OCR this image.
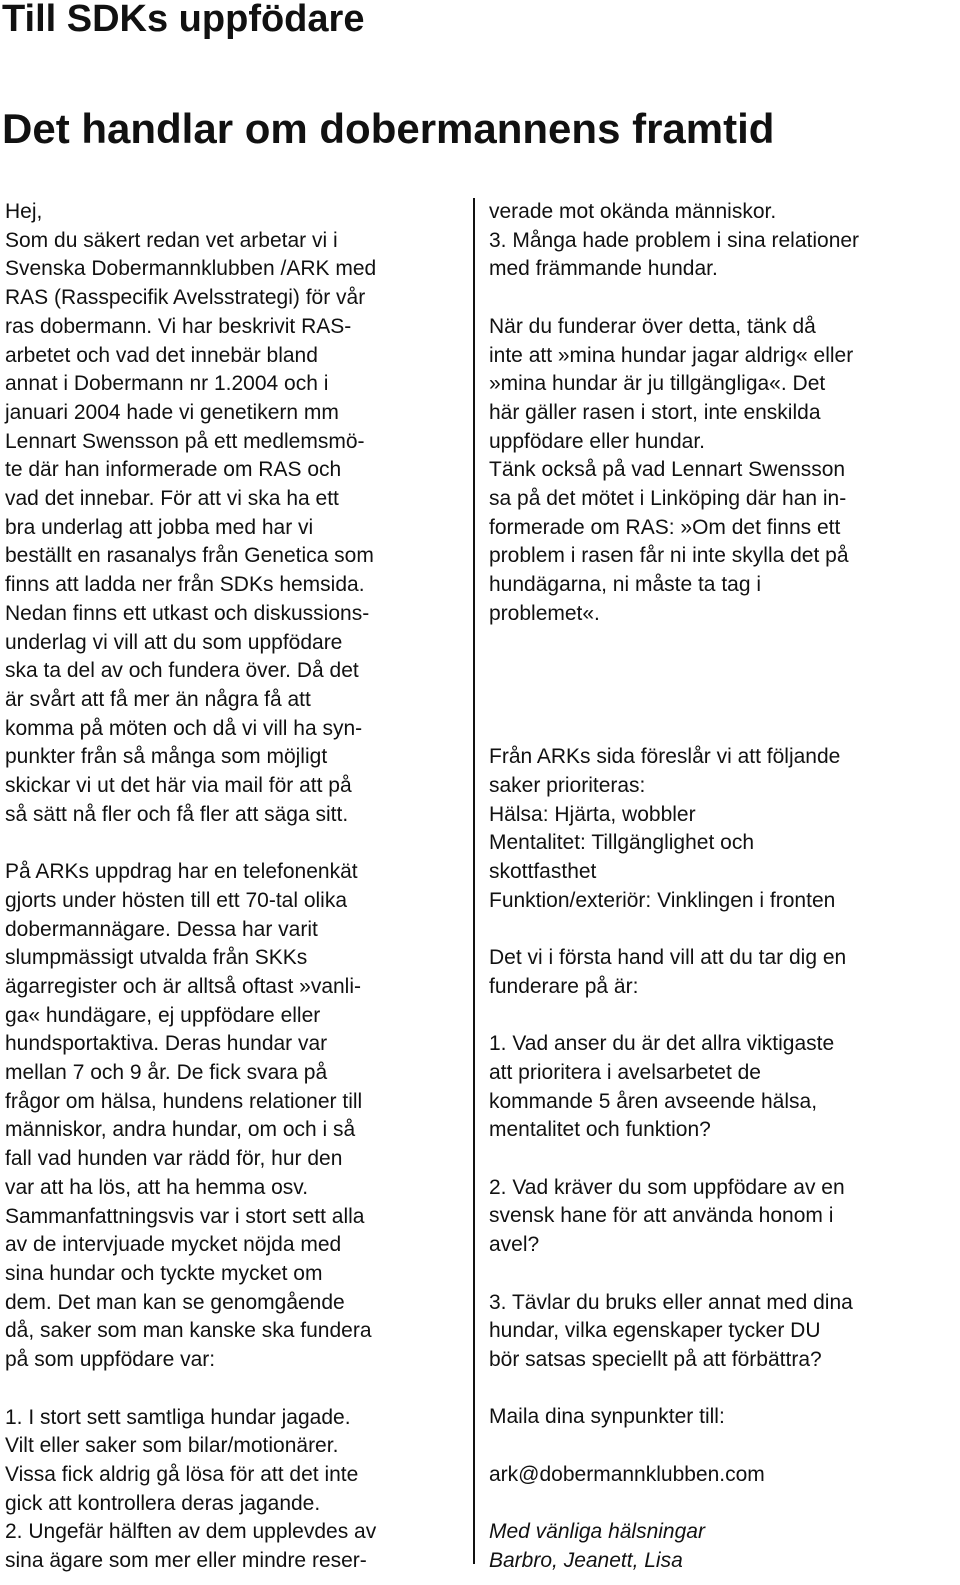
Till SDKs uppfödare
Det handlar om dobermannens framtid
Hej,
Som du säkert redan vet arbetar vi i
Svenska Dobermannklubben /ARK med
RAS (Rasspecifik Avelsstrategi) för vår
ras dobermann. Vi har beskrivit RAS-
arbetet och vad det innebär bland
annat i Dobermann nr 1.2004 och i
januari 2004 hade vi genetikern mm
Lennart Swensson på ett medlemsmö-
te där han informerade om RAS och
vad det innebar. För att vi ska ha ett
bra underlag att jobba med har vi
beställt en rasanalys från Genetica som
finns att ladda ner från SDKs hemsida.
Nedan finns ett utkast och diskussions-
underlag vi vill att du som uppfödare
ska ta del av och fundera över. Då det
är svårt att få mer än några få att
komma på möten och då vi vill ha syn-
punkter från så många som möjligt
skickar vi ut det här via mail för att på
så sätt nå fler och få fler att säga sitt.
På ARKs uppdrag har en telefonenkät
gjorts under hösten till ett 70-tal olika
dobermannägare. Dessa har varit
slumpmässigt utvalda från SKKs
ägarregister och är alltså oftast »vanli-
ga« hundägare, ej uppfödare eller
hundsportaktiva. Deras hundar var
mellan 7 och 9 år. De fick svara på
frågor om hälsa, hundens relationer till
människor, andra hundar, om och i så
fall vad hunden var rädd för, hur den
var att ha lös, att ha hemma osv.
Sammanfattningsvis var i stort sett alla
av de intervjuade mycket nöjda med
sina hundar och tyckte mycket om
dem. Det man kan se genomgående
då, saker som man kanske ska fundera
på som uppfödare var:
1. I stort sett samtliga hundar jagade.
Vilt eller saker som bilar/motionärer.
Vissa fick aldrig gå lösa för att det inte
gick att kontrollera deras jagande.
2. Ungefär hälften av dem upplevdes av
sina ägare som mer eller mindre reser-
verade mot okända människor.
3. Många hade problem i sina relationer
med främmande hundar.
När du funderar över detta, tänk då
inte att »mina hundar jagar aldrig« eller
»mina hundar är ju tillgängliga«. Det
här gäller rasen i stort, inte enskilda
uppfödare eller hundar.
Tänk också på vad Lennart Swensson
sa på det mötet i Linköping där han in-
formerade om RAS: »Om det finns ett
problem i rasen får ni inte skylla det på
hundägarna, ni måste ta tag i
problemet«.
Från ARKs sida föreslår vi att följande
saker prioriteras:
Hälsa: Hjärta, wobbler
Mentalitet: Tillgänglighet och
skottfasthet
Funktion/exteriör: Vinklingen i fronten
Det vi i första hand vill att du tar dig en
funderare på är:
1. Vad anser du är det allra viktigaste
att prioritera i avelsarbetet de
kommande 5 åren avseende hälsa,
mentalitet och funktion?
2. Vad kräver du som uppfödare av en
svensk hane för att använda honom i
avel?
3. Tävlar du bruks eller annat med dina
hundar, vilka egenskaper tycker DU
bör satsas speciellt på att förbättra?
Maila dina synpunkter till:
ark@dobermannklubben.com
Med vänliga hälsningar
Barbro, Jeanett, Lisa
